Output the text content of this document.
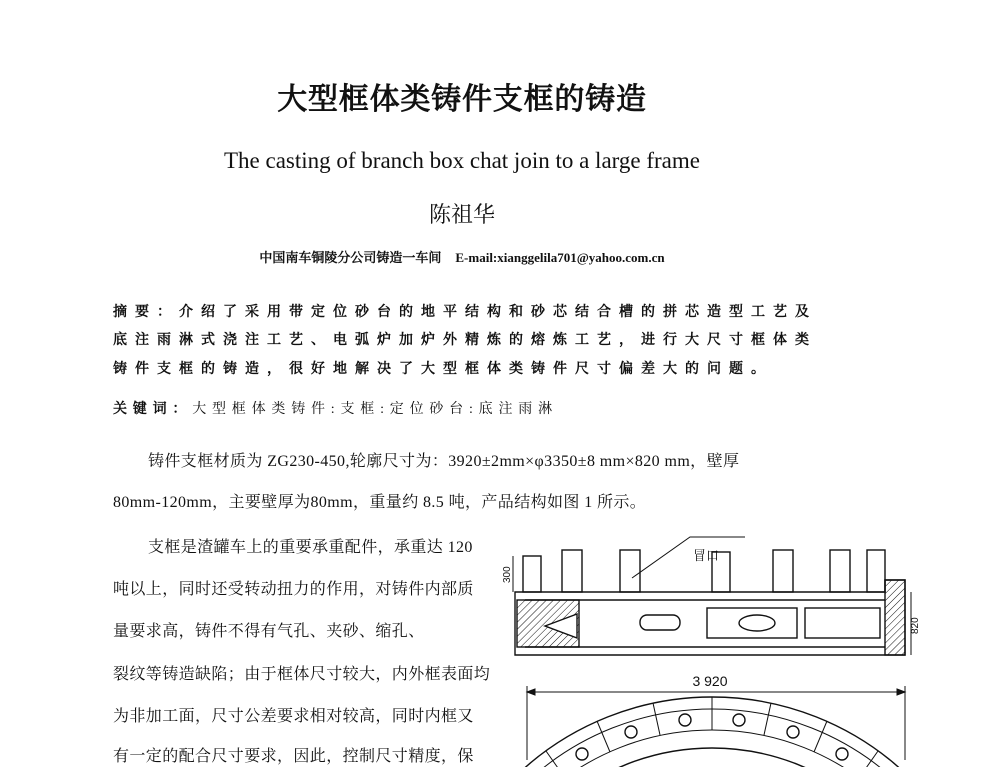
大型框体类铸件支框的铸造
The casting of branch box chat join to a large frame
陈祖华
中国南车铜陵分公司铸造一车间 E-mail:xianggelila701@yahoo.com.cn
摘要：介绍了采用带定位砂台的地平结构和砂芯结合槽的拼芯造型工艺及
底注雨淋式浇注工艺、电弧炉加炉外精炼的熔炼工艺，进行大尺寸框体类
铸件支框的铸造，很好地解决了大型框体类铸件尺寸偏差大的问题。
关键词：大型框体类铸件:支框:定位砂台:底注雨淋
铸件支框材质为 ZG230-450,轮廓尺寸为：3920±2mm×φ3350±8 mm×820 mm，壁厚
80mm-120mm，主要壁厚为80mm，重量约 8.5 吨，产品结构如图 1 所示。
支框是渣罐车上的重要承重配件，承重达 120
吨以上，同时还受转动扭力的作用，对铸件内部质
量要求高，铸件不得有气孔、夹砂、缩孔、
裂纹等铸造缺陷；由于框体尺寸较大，内外框表面均
为非加工面，尺寸公差要求相对较高，同时内框又
有一定的配合尺寸要求，因此，控制尺寸精度，保
冒口
300
820
3 920
